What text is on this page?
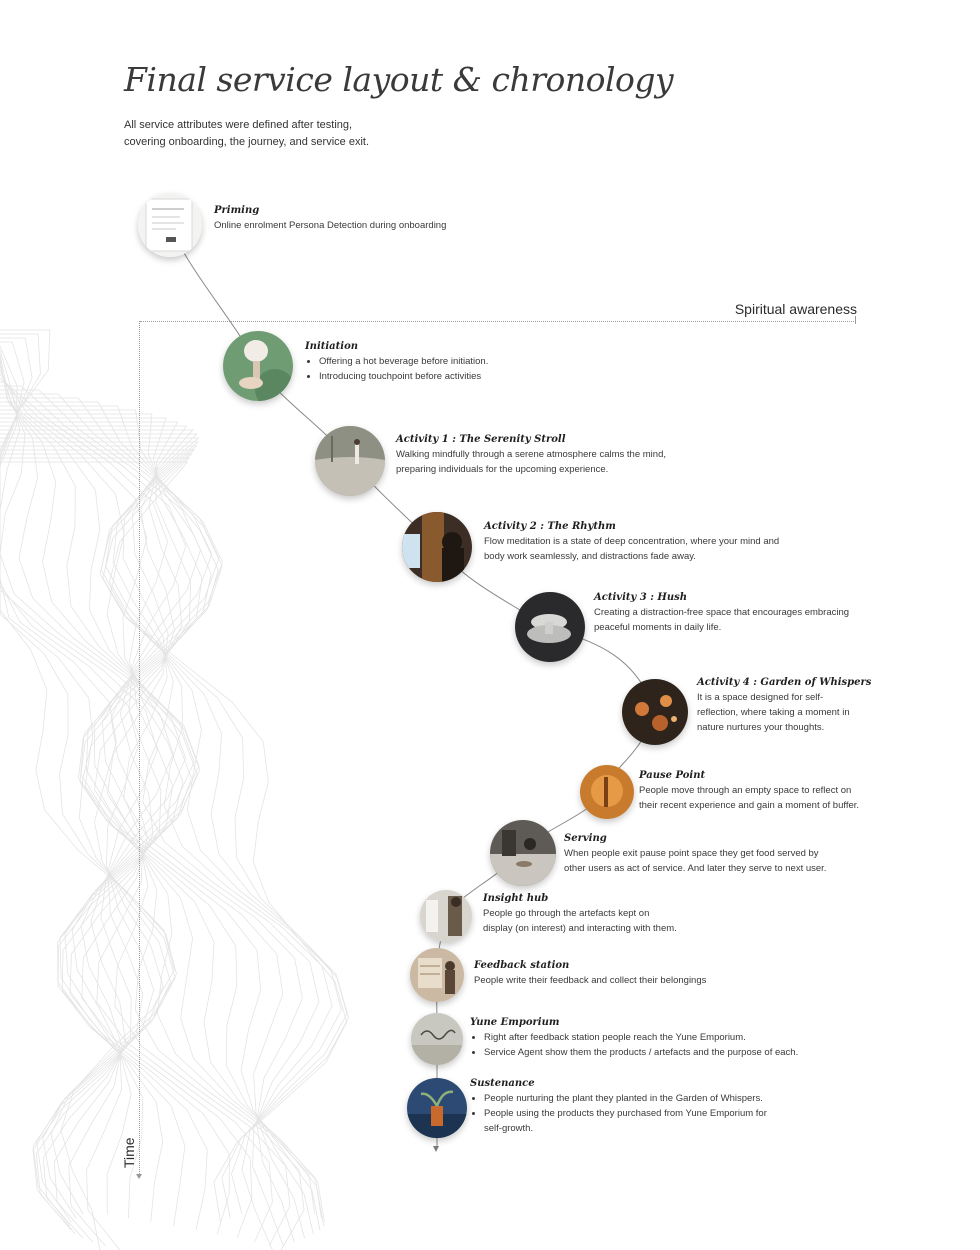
Final service layout & chronology
All service attributes were defined after testing,
covering onboarding, the journey, and service exit.
Spiritual awareness
Time
Priming

Online enrolment Persona Detection during onboarding

Initiation
• Offering a hot beverage before initiation.
• Introducing touchpoint before activities
Activity 1 : The Serenity Stroll

Walking mindfully through a serene atmosphere calms the mind,

preparing individuals for the upcoming experience.

Activity 2 : The Rhythm

Flow meditation is a state of deep concentration, where your mind and

body work seamlessly, and distractions fade away.

Activity 3 : Hush

Creating a distraction-free space that encourages embracing

peaceful moments in daily life.

Activity 4 : Garden of Whispers

It is a space designed for self-

reflection, where taking a moment in

nature nurtures your thoughts.

Pause Point

People move through an empty space to reflect on

their recent experience and gain a moment of buffer.

Serving

When people exit pause point space they get food served by

other users as act of service. And later they serve to next user.

Insight hub

People go through the artefacts kept on

display (on interest) and interacting with them.

Feedback station

People write their feedback and collect their belongings

Yune Emporium
• Right after feedback station people reach the Yune Emporium.
• Service Agent show them the products / artefacts and the purpose of each.
Sustenance
• People nurturing the plant they planted in the Garden of Whispers.
• People using the products they purchased from Yune Emporium for self-growth.
